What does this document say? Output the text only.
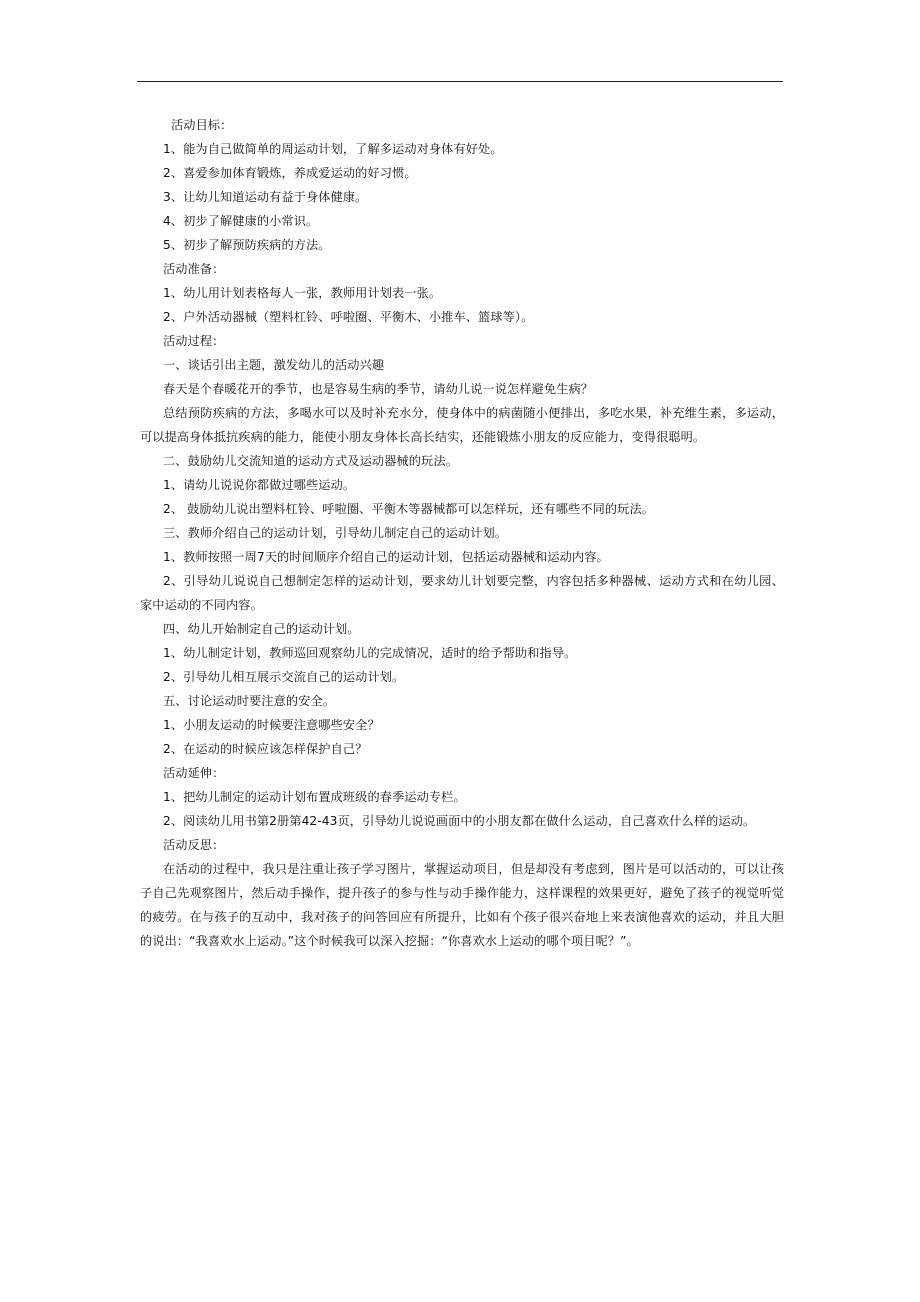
活动目标：
1、能为自己做简单的周运动计划，了解多运动对身体有好处。
2、喜爱参加体育锻炼，养成爱运动的好习惯。
3、让幼儿知道运动有益于身体健康。
4、初步了解健康的小常识。
5、初步了解预防疾病的方法。
活动准备：
1、幼儿用计划表格每人一张，教师用计划表一张。
2、户外活动器械（塑料杠铃、呼啦圈、平衡木、小推车、篮球等）。
活动过程：
一、谈话引出主题，激发幼儿的活动兴趣
春天是个春暖花开的季节，也是容易生病的季节，请幼儿说一说怎样避免生病？
总结预防疾病的方法，多喝水可以及时补充水分，使身体中的病菌随小便排出，多吃水果，补充维生素，多运动，可以提高身体抵抗疾病的能力，能使小朋友身体长高长结实，还能锻炼小朋友的反应能力，变得很聪明。
二、鼓励幼儿交流知道的运动方式及运动器械的玩法。
1、请幼儿说说你都做过哪些运动。
2、 鼓励幼儿说出塑料杠铃、呼啦圈、平衡木等器械都可以怎样玩，还有哪些不同的玩法。
三、教师介绍自己的运动计划，引导幼儿制定自己的运动计划。
1、教师按照一周7天的时间顺序介绍自己的运动计划，包括运动器械和运动内容。
2、引导幼儿说说自己想制定怎样的运动计划，要求幼儿计划要完整，内容包括多种器械、运动方式和在幼儿园、家中运动的不同内容。
四、幼儿开始制定自己的运动计划。
1、幼儿制定计划，教师巡回观察幼儿的完成情况，适时的给予帮助和指导。
2、引导幼儿相互展示交流自己的运动计划。
五、讨论运动时要注意的安全。
1、小朋友运动的时候要注意哪些安全？
2、在运动的时候应该怎样保护自己？
活动延伸：
1、把幼儿制定的运动计划布置成班级的春季运动专栏。
2、阅读幼儿用书第2册第42-43页，引导幼儿说说画面中的小朋友都在做什么运动，自己喜欢什么样的运动。
活动反思：
在活动的过程中，我只是注重让孩子学习图片，掌握运动项目，但是却没有考虑到，图片是可以活动的，可以让孩子自己先观察图片，然后动手操作，提升孩子的参与性与动手操作能力，这样课程的效果更好，避免了孩子的视觉听觉的疲劳。在与孩子的互动中，我对孩子的问答回应有所提升，比如有个孩子很兴奋地上来表演他喜欢的运动，并且大胆的说出：“我喜欢水上运动。”这个时候我可以深入挖掘：“你喜欢水上运动的哪个项目呢？”。
